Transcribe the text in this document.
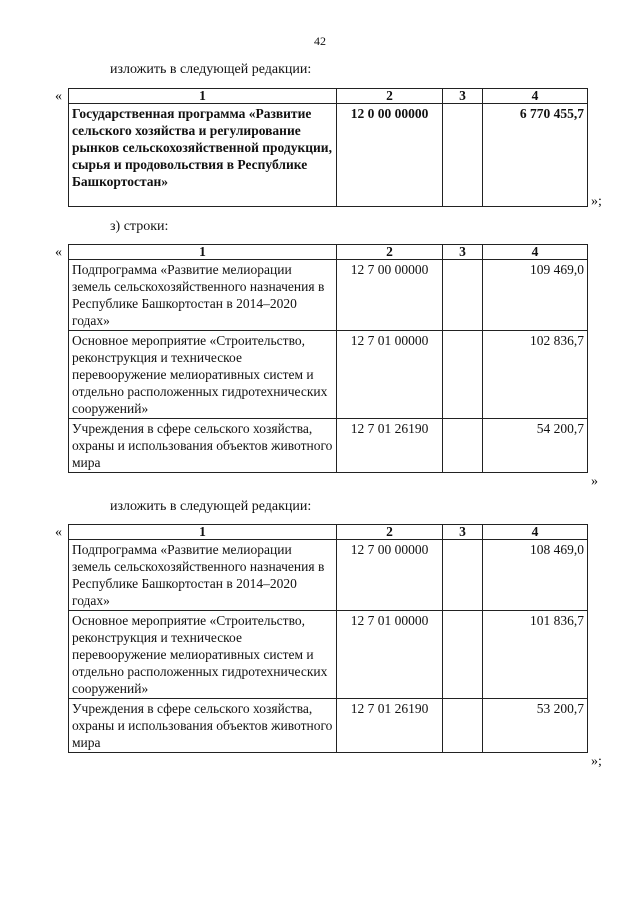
42
изложить в следующей редакции:
«	1	2	3	4
Государственная программа «Развитие сельского хозяйства и регулирование рынков сельскохозяйственной продукции, сырья и продовольствия в Республике Башкортостан»	12 0 00 00000		6 770 455,7
»;
з) строки:
«	1	2	3	4
Подпрограмма «Развитие мелиорации земель сельскохозяйственного назначения в Республике Башкортостан в 2014–2020 годах»	12 7 00 00000		109 469,0
Основное мероприятие «Строительство, реконструкция и техническое перевооружение мелиоративных систем и отдельно расположенных гидротехнических сооружений»	12 7 01 00000		102 836,7
Учреждения в сфере сельского хозяйства, охраны и использования объектов животного мира	12 7 01 26190		54 200,7
»
изложить в следующей редакции:
«	1	2	3	4
Подпрограмма «Развитие мелиорации земель сельскохозяйственного назначения в Республике Башкортостан в 2014–2020 годах»	12 7 00 00000		108 469,0
Основное мероприятие «Строительство, реконструкция и техническое перевооружение мелиоративных систем и отдельно расположенных гидротехнических сооружений»	12 7 01 00000		101 836,7
Учреждения в сфере сельского хозяйства, охраны и использования объектов животного мира	12 7 01 26190		53 200,7
»;
